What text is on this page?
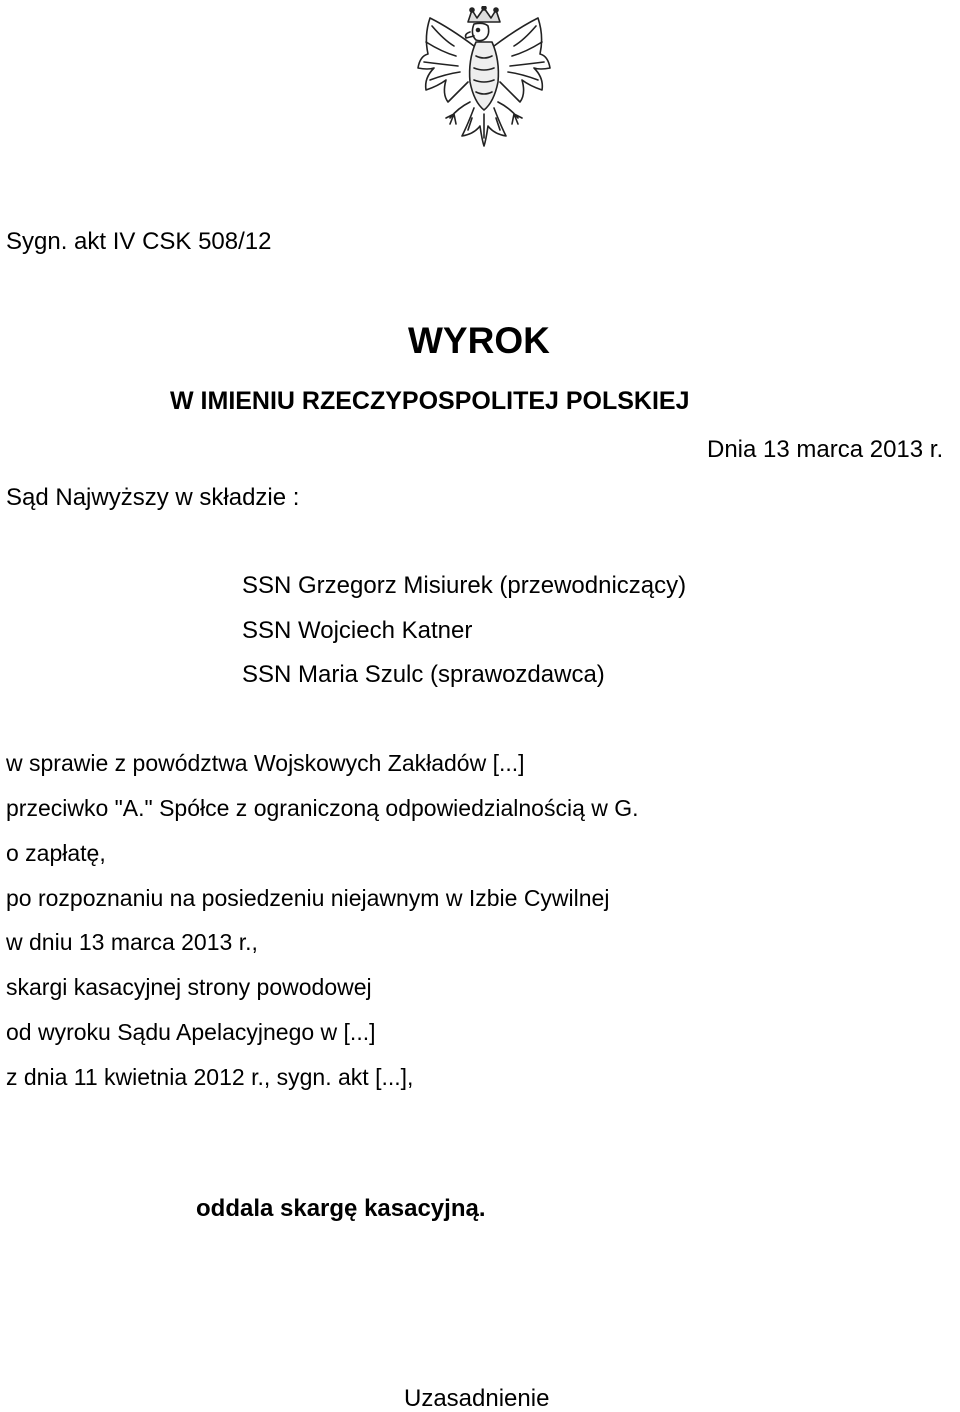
Sygn. akt IV CSK 508/12
WYROK
W IMIENIU RZECZYPOSPOLITEJ POLSKIEJ
Dnia 13 marca 2013 r.
Sąd Najwyższy w składzie :
SSN Grzegorz Misiurek (przewodniczący)
SSN Wojciech Katner
SSN Maria Szulc (sprawozdawca)
w sprawie z powództwa Wojskowych Zakładów [...]
przeciwko "A." Spółce z ograniczoną odpowiedzialnością w G.
o zapłatę,
po rozpoznaniu na posiedzeniu niejawnym w Izbie Cywilnej
w dniu 13 marca 2013 r.,
skargi kasacyjnej strony powodowej
od wyroku Sądu Apelacyjnego w [...]
z dnia 11 kwietnia 2012 r., sygn. akt [...],
oddala skargę kasacyjną.
Uzasadnienie
